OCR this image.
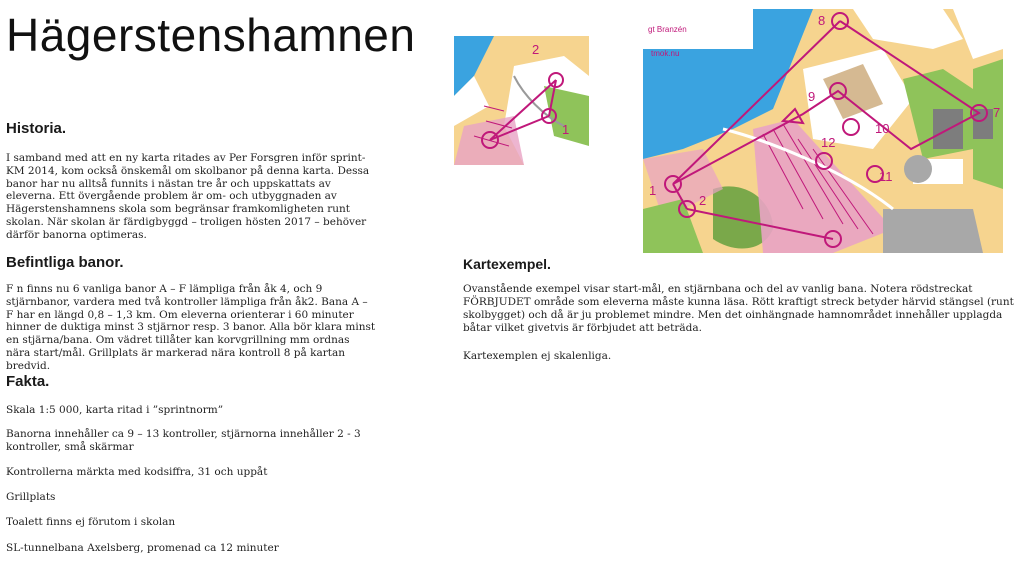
Hägerstenshamnen
Historia.

I samband med att en ny karta ritades av Per Forsgren inför sprint-KM 2014, kom också önskemål om skolbanor på denna karta. Dessa banor har nu alltså funnits i nästan tre år och uppskattats av eleverna. Ett övergående problem är om- och utbyggnaden av Hägerstenshamnens skola som begränsar framkomligheten runt skolan. När skolan är färdigbyggd – troligen hösten 2017 – behöver därför banorna optimeras.

Befintliga banor.

F n finns nu 6 vanliga banor A – F lämpliga från åk 4, och 9 stjärnbanor, vardera med två kontroller lämpliga från åk2. Bana A – F har en längd 0,8 – 1,3 km. Om eleverna orienterar i 60 minuter hinner de duktiga minst 3 stjärnor resp. 3 banor. Alla bör klara minst en stjärna/bana. Om vädret tillåter kan korvgrillning mm ordnas nära start/mål. Grillplats är markerad nära kontroll 8 på kartan bredvid.

Fakta.

Skala 1:5 000, karta ritad i ”sprintnorm”

Banorna innehåller ca 9 – 13 kontroller, stjärnorna innehåller 2 - 3 kontroller, små skärmar

Kontrollerna märkta med kodsiffra, 31 och uppåt

Grillplats

Toalett finns ej förutom i skolan

SL-tunnelbana Axelsberg, promenad ca 12 minuter

2
1
gt Branzén
tmok.nu
8
9
7
10
12
11
1
2
Kartexempel.

Ovanstående exempel visar start-mål, en stjärnbana och del av vanlig bana. Notera rödstreckat FÖRBJUDET område som eleverna måste kunna läsa. Rött kraftigt streck betyder härvid stängsel (runt skolbygget) och då är ju problemet mindre. Men det oinhängnade hamnområdet innehåller upplagda båtar vilket givetvis är förbjudet att beträda.

Kartexemplen ej skalenliga.
